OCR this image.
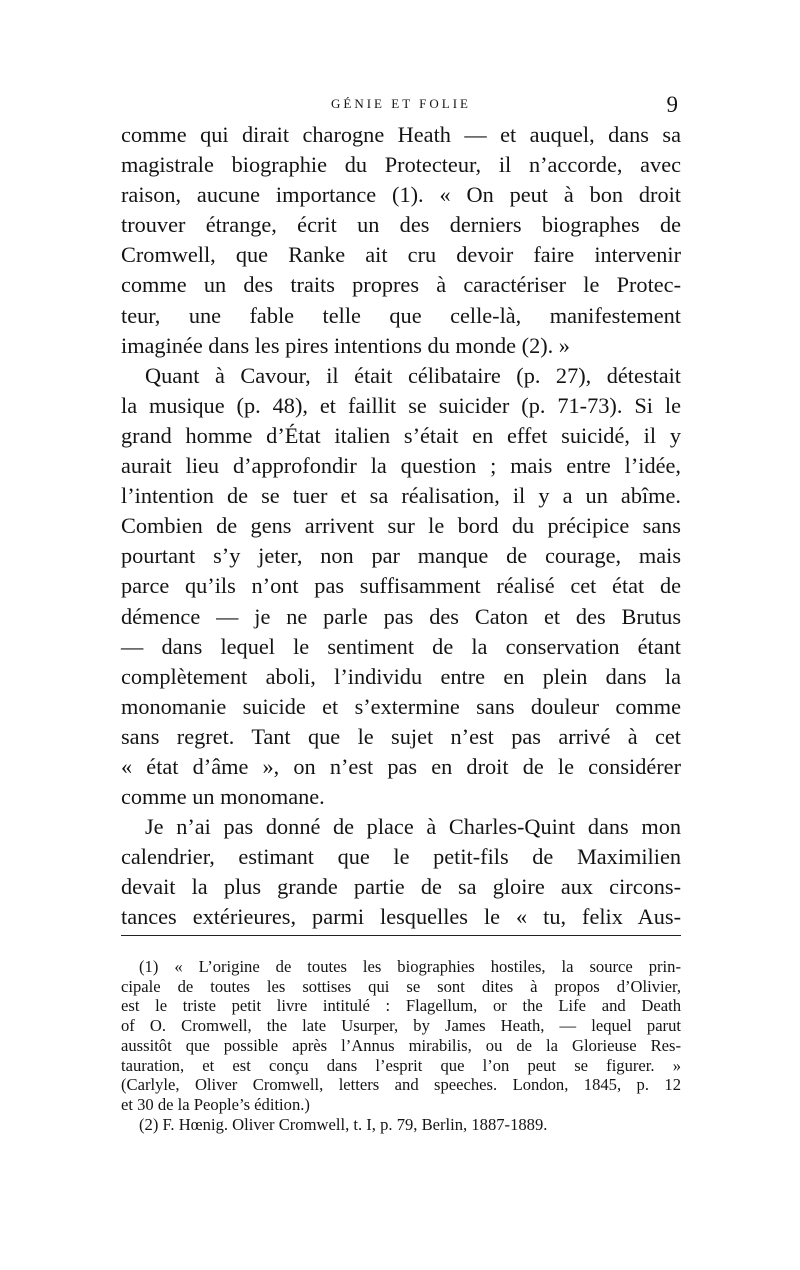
GÉNIE ET FOLIE	9
comme qui dirait charogne Heath — et auquel, dans sa
magistrale biographie du Protecteur, il n’accorde, avec
raison, aucune importance (1). « On peut à bon droit
trouver étrange, écrit un des derniers biographes de
Cromwell, que Ranke ait cru devoir faire intervenir
comme un des traits propres à caractériser le Protec-
teur, une fable telle que celle-là, manifestement
imaginée dans les pires intentions du monde (2). »
Quant à Cavour, il était célibataire (p. 27), détestait
la musique (p. 48), et faillit se suicider (p. 71-73). Si le
grand homme d’État italien s’était en effet suicidé, il y
aurait lieu d’approfondir la question ; mais entre l’idée,
l’intention de se tuer et sa réalisation, il y a un abîme.
Combien de gens arrivent sur le bord du précipice sans
pourtant s’y jeter, non par manque de courage, mais
parce qu’ils n’ont pas suffisamment réalisé cet état de
démence — je ne parle pas des Caton et des Brutus
— dans lequel le sentiment de la conservation étant
complètement aboli, l’individu entre en plein dans la
monomanie suicide et s’extermine sans douleur comme
sans regret. Tant que le sujet n’est pas arrivé à cet
« état d’âme », on n’est pas en droit de le considérer
comme un monomane.
Je n’ai pas donné de place à Charles-Quint dans mon
calendrier, estimant que le petit-fils de Maximilien
devait la plus grande partie de sa gloire aux circons-
tances extérieures, parmi lesquelles le « tu, felix Aus-
(1) « L’origine de toutes les biographies hostiles, la source prin-
cipale de toutes les sottises qui se sont dites à propos d’Olivier,
est le triste petit livre intitulé : Flagellum, or the Life and Death
of O. Cromwell, the late Usurper, by James Heath, — lequel parut
aussitôt que possible après l’Annus mirabilis, ou de la Glorieuse Res-
tauration, et est conçu dans l’esprit que l’on peut se figurer. »
(Carlyle, Oliver Cromwell, letters and speeches. London, 1845, p. 12
et 30 de la People’s édition.)
(2) F. Hœnig. Oliver Cromwell, t. I, p. 79, Berlin, 1887-1889.
